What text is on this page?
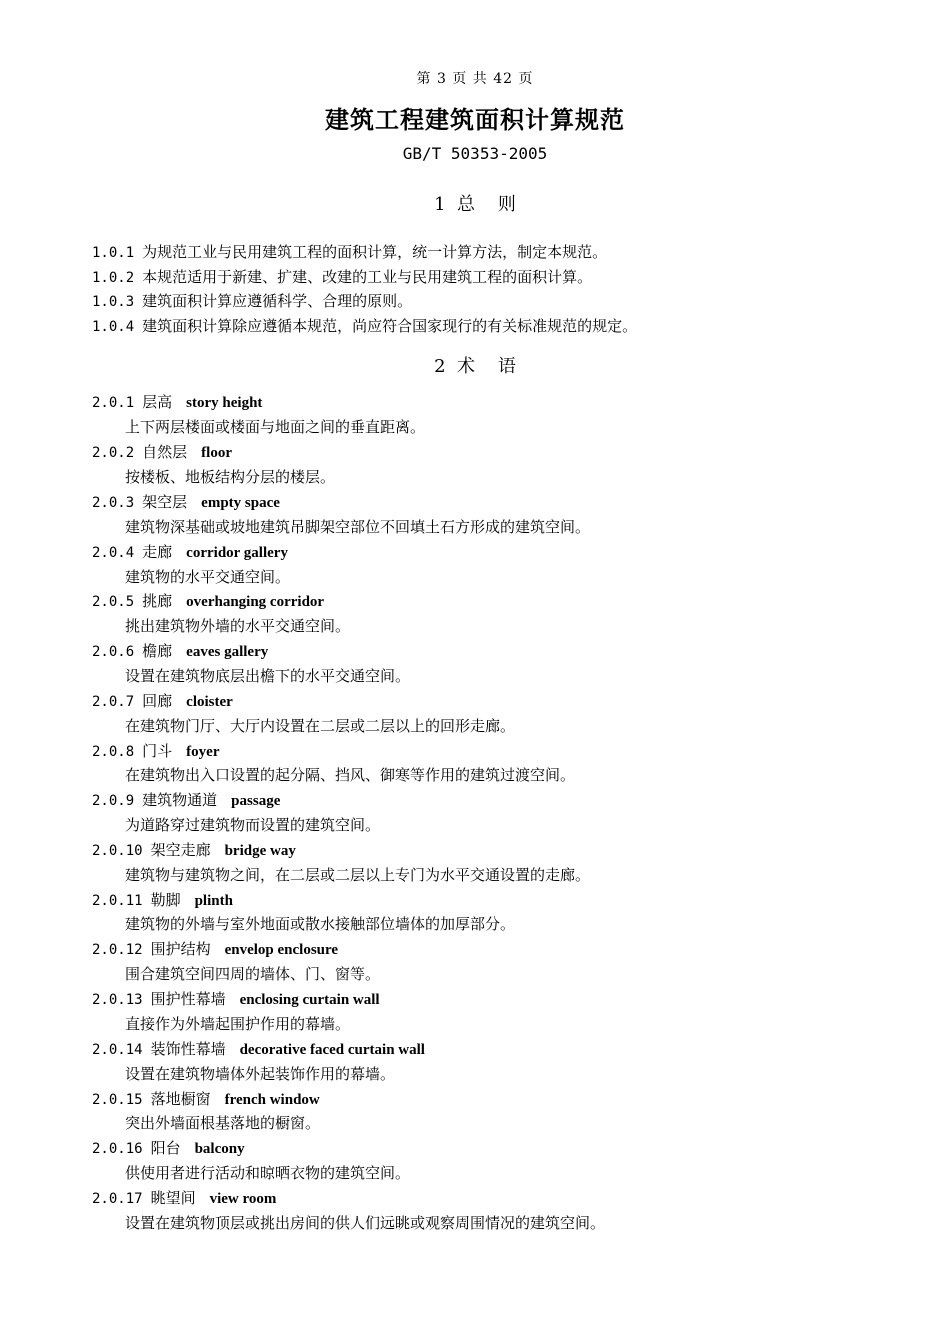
第 3 页 共 42 页
建筑工程建筑面积计算规范
GB/T 50353-2005
1  总    则
1.0.1 为规范工业与民用建筑工程的面积计算，统一计算方法，制定本规范。
1.0.2 本规范适用于新建、扩建、改建的工业与民用建筑工程的面积计算。
1.0.3 建筑面积计算应遵循科学、合理的原则。
1.0.4 建筑面积计算除应遵循本规范，尚应符合国家现行的有关标准规范的规定。
2  术    语
2.0.1 层高 story height
上下两层楼面或楼面与地面之间的垂直距离。
2.0.2 自然层 floor
按楼板、地板结构分层的楼层。
2.0.3 架空层 empty space
建筑物深基础或坡地建筑吊脚架空部位不回填土石方形成的建筑空间。
2.0.4 走廊 corridor gallery
建筑物的水平交通空间。
2.0.5 挑廊 overhanging corridor
挑出建筑物外墙的水平交通空间。
2.0.6 檐廊 eaves gallery
设置在建筑物底层出檐下的水平交通空间。
2.0.7 回廊 cloister
在建筑物门厅、大厅内设置在二层或二层以上的回形走廊。
2.0.8 门斗 foyer
在建筑物出入口设置的起分隔、挡风、御寒等作用的建筑过渡空间。
2.0.9 建筑物通道 passage
为道路穿过建筑物而设置的建筑空间。
2.0.10 架空走廊 bridge way
建筑物与建筑物之间，在二层或二层以上专门为水平交通设置的走廊。
2.0.11 勒脚 plinth
建筑物的外墙与室外地面或散水接触部位墙体的加厚部分。
2.0.12 围护结构 envelop enclosure
围合建筑空间四周的墙体、门、窗等。
2.0.13 围护性幕墙 enclosing curtain wall
直接作为外墙起围护作用的幕墙。
2.0.14 装饰性幕墙 decorative faced curtain wall
设置在建筑物墙体外起装饰作用的幕墙。
2.0.15 落地橱窗 french window
突出外墙面根基落地的橱窗。
2.0.16 阳台 balcony
供使用者进行活动和晾晒衣物的建筑空间。
2.0.17 眺望间 view room
设置在建筑物顶层或挑出房间的供人们远眺或观察周围情况的建筑空间。
